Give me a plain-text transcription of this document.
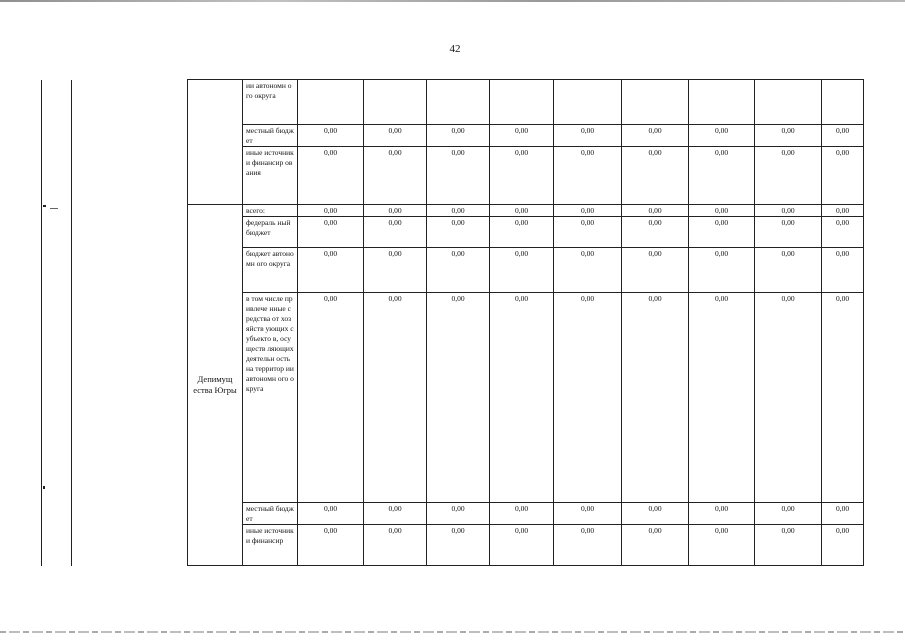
42
			ии автономн ого округа									
			местный бюджет	0,00	0,00	0,00	0,00	0,00	0,00	0,00	0,00	0,00
			иные источник и финансир ования	0,00	0,00	0,00	0,00	0,00	0,00	0,00	0,00	0,00
		Депимущ ества Югры	всего:	0,00	0,00	0,00	0,00	0,00	0,00	0,00	0,00	0,00
			федераль ный бюджет	0,00	0,00	0,00	0,00	0,00	0,00	0,00	0,00	0,00
			бюджет автономн ого округа	0,00	0,00	0,00	0,00	0,00	0,00	0,00	0,00	0,00
			в том числе привлече нные средства от хозяйств ующих субъекто в, осуществ ляющих деятельн ость на территор ии автономн ого округа	0,00	0,00	0,00	0,00	0,00	0,00	0,00	0,00	0,00
			местный бюджет	0,00	0,00	0,00	0,00	0,00	0,00	0,00	0,00	0,00
			иные источник и финансир	0,00	0,00	0,00	0,00	0,00	0,00	0,00	0,00	0,00
